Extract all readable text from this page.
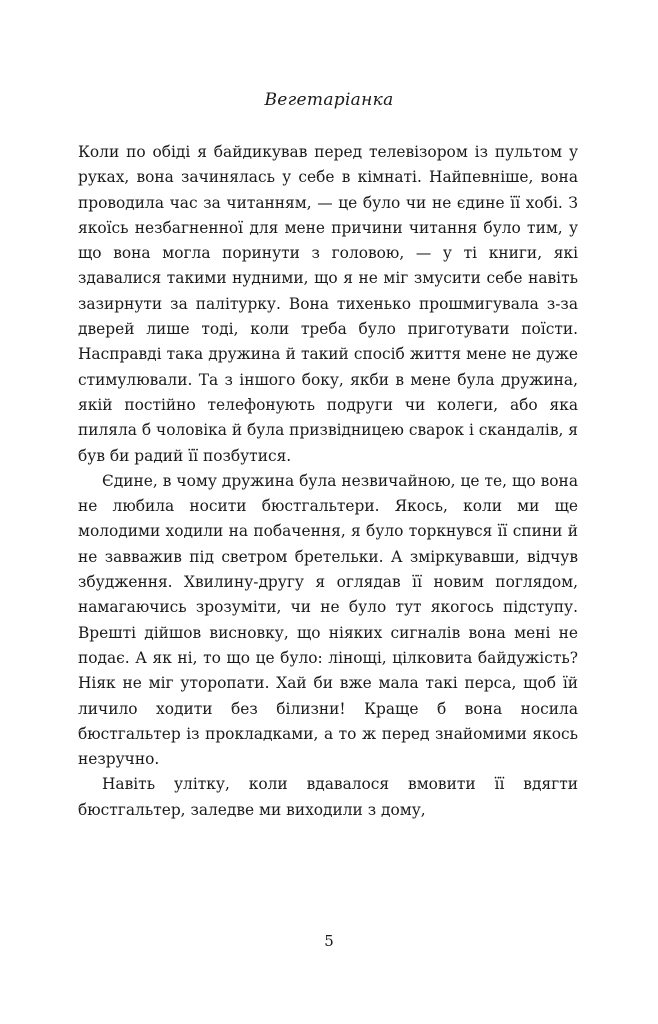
Вегетаріанка

Коли по обіді я байдикував перед телевізором із пультом у руках, вона зачинялась у себе в кімнаті. Найпевніше, вона проводила час за читанням, — це було чи не єдине її хобі. З якоїсь незбагненної для мене причини читання було тим, у що вона могла поринути з головою, — у ті книги, які здавалися такими нудними, що я не міг змусити себе навіть зазирнути за палітурку. Вона тихенько прошмигувала з-за дверей лише тоді, коли треба було приготувати поїсти. Насправді така дружина й такий спосіб життя мене не дуже стимулювали. Та з іншого боку, якби в мене була дружина, якій постійно телефонують подруги чи колеги, або яка пиляла б чоловіка й була призвідницею сварок і скандалів, я був би радий її позбутися.

Єдине, в чому дружина була незвичайною, це те, що вона не любила носити бюстгальтери. Якось, коли ми ще молодими ходили на побачення, я було торкнувся її спини й не завважив під светром бретельки. А зміркувавши, відчув збудження. Хвилину-другу я оглядав її новим поглядом, намагаючись зрозуміти, чи не було тут якогось підступу. Врешті дійшов висновку, що ніяких сигналів вона мені не подає. А як ні, то що це було: лінощі, цілковита байдужість? Ніяк не міг уторопати. Хай би вже мала такі перса, щоб їй личило ходити без білизни! Краще б вона носила бюстгальтер із прокладками, а то ж перед знайомими якось незручно.

Навіть улітку, коли вдавалося вмовити її вдягти бюстгальтер, заледве ми виходили з дому,

5
